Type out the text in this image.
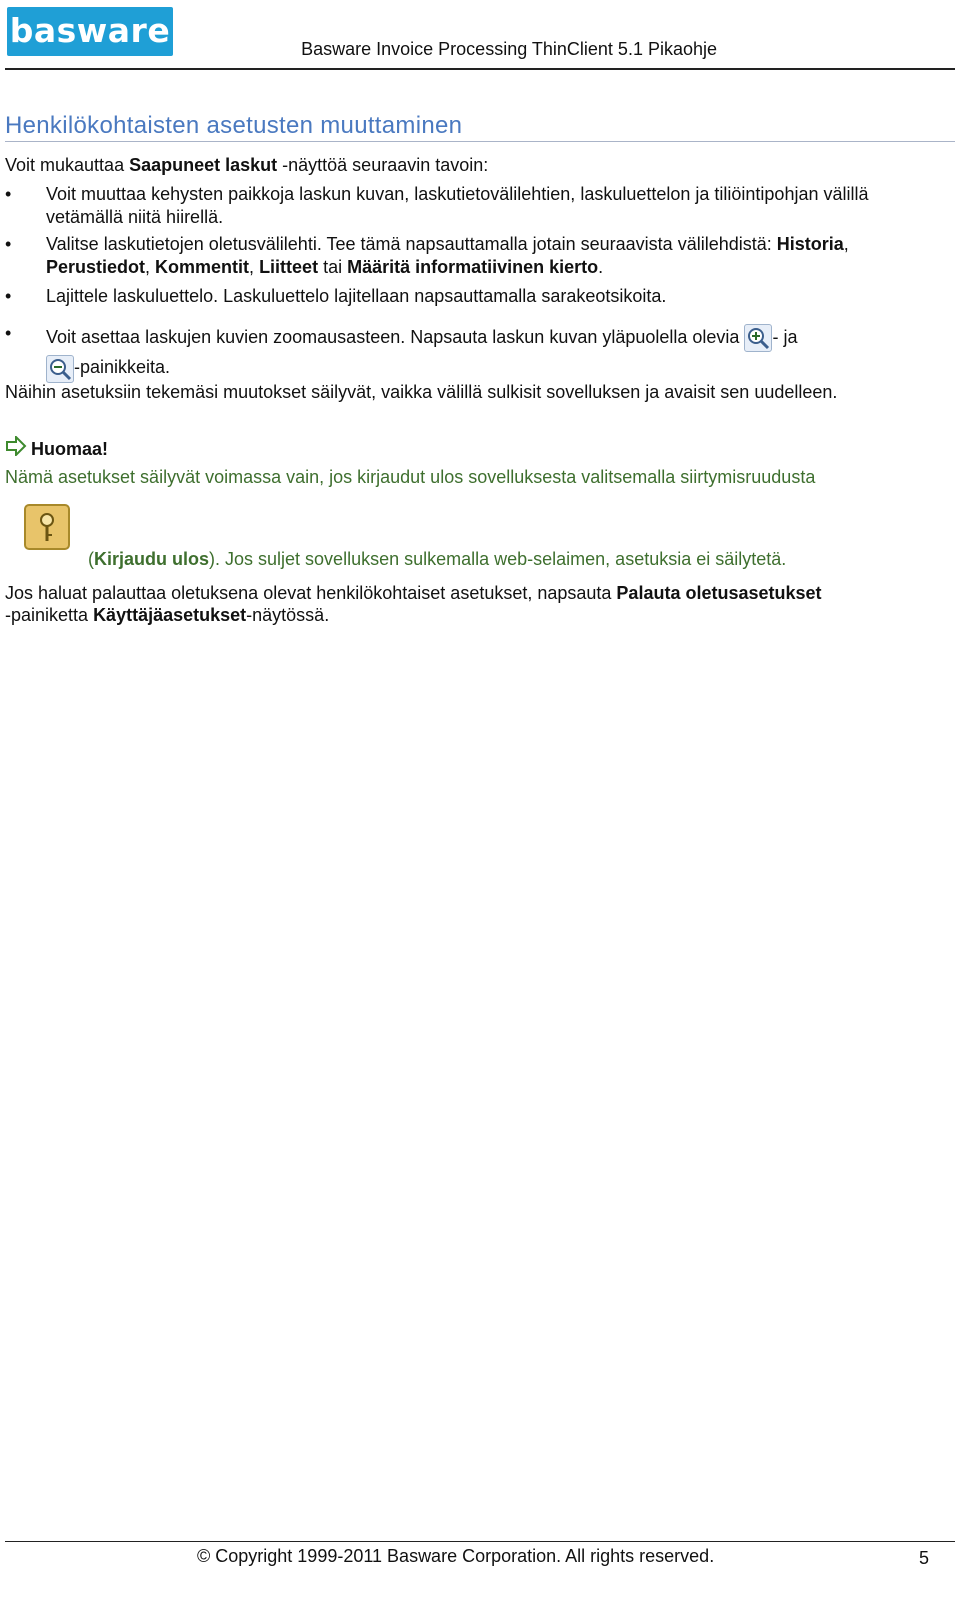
basware	Basware Invoice Processing ThinClient 5.1 Pikaohje
Henkilökohtaisten asetusten muuttaminen

Voit mukauttaa Saapuneet laskut -näyttöä seuraavin tavoin:

• Voit muuttaa kehysten paikkoja laskun kuvan, laskutietovälilehtien, laskuluettelon ja tiliöintipohjan välillä vetämällä niitä hiirellä.

• Valitse laskutietojen oletusvälilehti. Tee tämä napsauttamalla jotain seuraavista välilehdistä: Historia, Perustiedot, Kommentit, Liitteet tai Määritä informatiivinen kierto.

• Lajittele laskuluettelo. Laskuluettelo lajitellaan napsauttamalla sarakeotsikoita.

• Voit asettaa laskujen kuvien zoomausasteen. Napsauta laskun kuvan yläpuolella olevia - ja
-painikkeita.

Näihin asetuksiin tekemäsi muutokset säilyvät, vaikka välillä sulkisit sovelluksen ja avaisit sen uudelleen.

Huomaa!

Nämä asetukset säilyvät voimassa vain, jos kirjaudut ulos sovelluksesta valitsemalla siirtymisruudusta

(Kirjaudu ulos). Jos suljet sovelluksen sulkemalla web-selaimen, asetuksia ei säilytetä.

Jos haluat palauttaa oletuksena olevat henkilökohtaiset asetukset, napsauta Palauta oletusasetukset
-painiketta Käyttäjäasetukset-näytössä.

© Copyright 1999-2011 Basware Corporation. All rights reserved.	5
